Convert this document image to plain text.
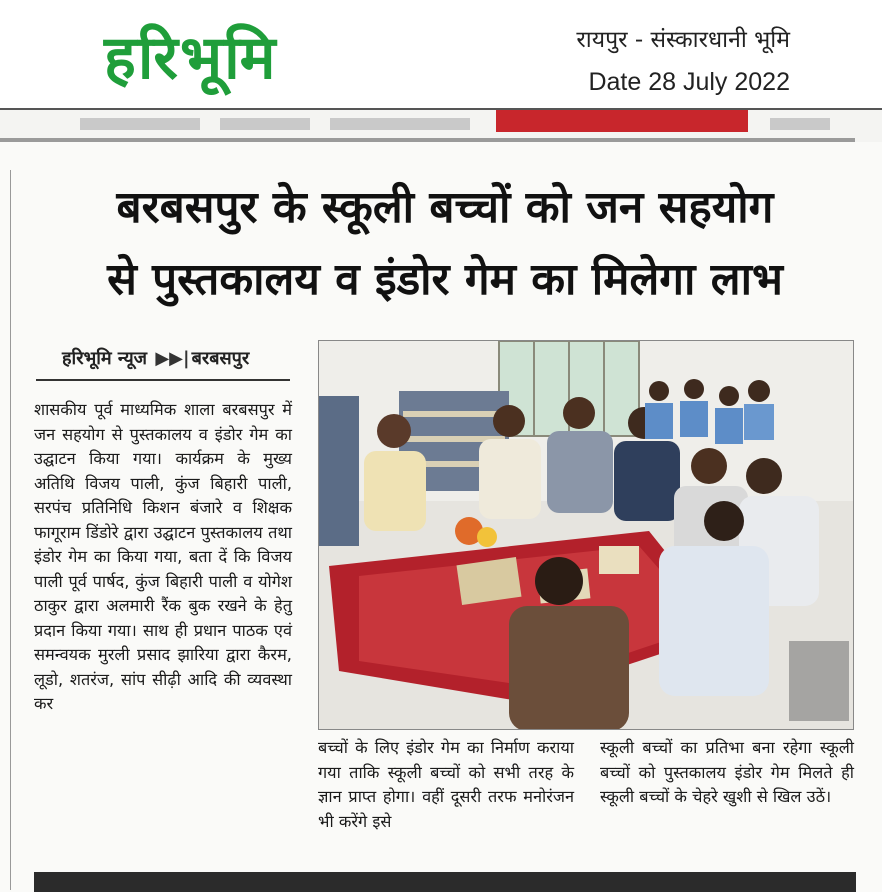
हरिभूमि	रायपुर - संस्कारधानी भूमि
Date 28 July 2022
बरबसपुर के स्कूली बच्चों को जन सहयोग
से पुस्तकालय व इंडोर गेम का मिलेगा लाभ
हरिभूमि न्यूज ▶▶| बरबसपुर
शासकीय पूर्व माध्यमिक शाला बरबसपुर में जन सहयोग से पुस्तकालय व इंडोर गेम का उद्घाटन किया गया। कार्यक्रम के मुख्य अतिथि विजय पाली, कुंज बिहारी पाली, सरपंच प्रतिनिधि किशन बंजारे व शिक्षक फागूराम डिंडोरे द्वारा उद्घाटन पुस्तकालय तथा इंडोर गेम का किया गया, बता दें कि विजय पाली पूर्व पार्षद, कुंज बिहारी पाली व योगेश ठाकुर द्वारा अलमारी रैंक बुक रखने के हेतु प्रदान किया गया। साथ ही प्रधान पाठक एवं समन्वयक मुरली प्रसाद झारिया द्वारा कैरम, लूडो, शतरंज, सांप सीढ़ी आदि की व्यवस्था कर
बच्चों के लिए इंडोर गेम का निर्माण कराया गया ताकि स्कूली बच्चों को सभी तरह के ज्ञान प्राप्त होगा। वहीं दूसरी तरफ मनोरंजन भी करेंगे इसे
स्कूली बच्चों का प्रतिभा बना रहेगा स्कूली बच्चों को पुस्तकालय इंडोर गेम मिलते ही स्कूली बच्चों के चेहरे खुशी से खिल उठें।
